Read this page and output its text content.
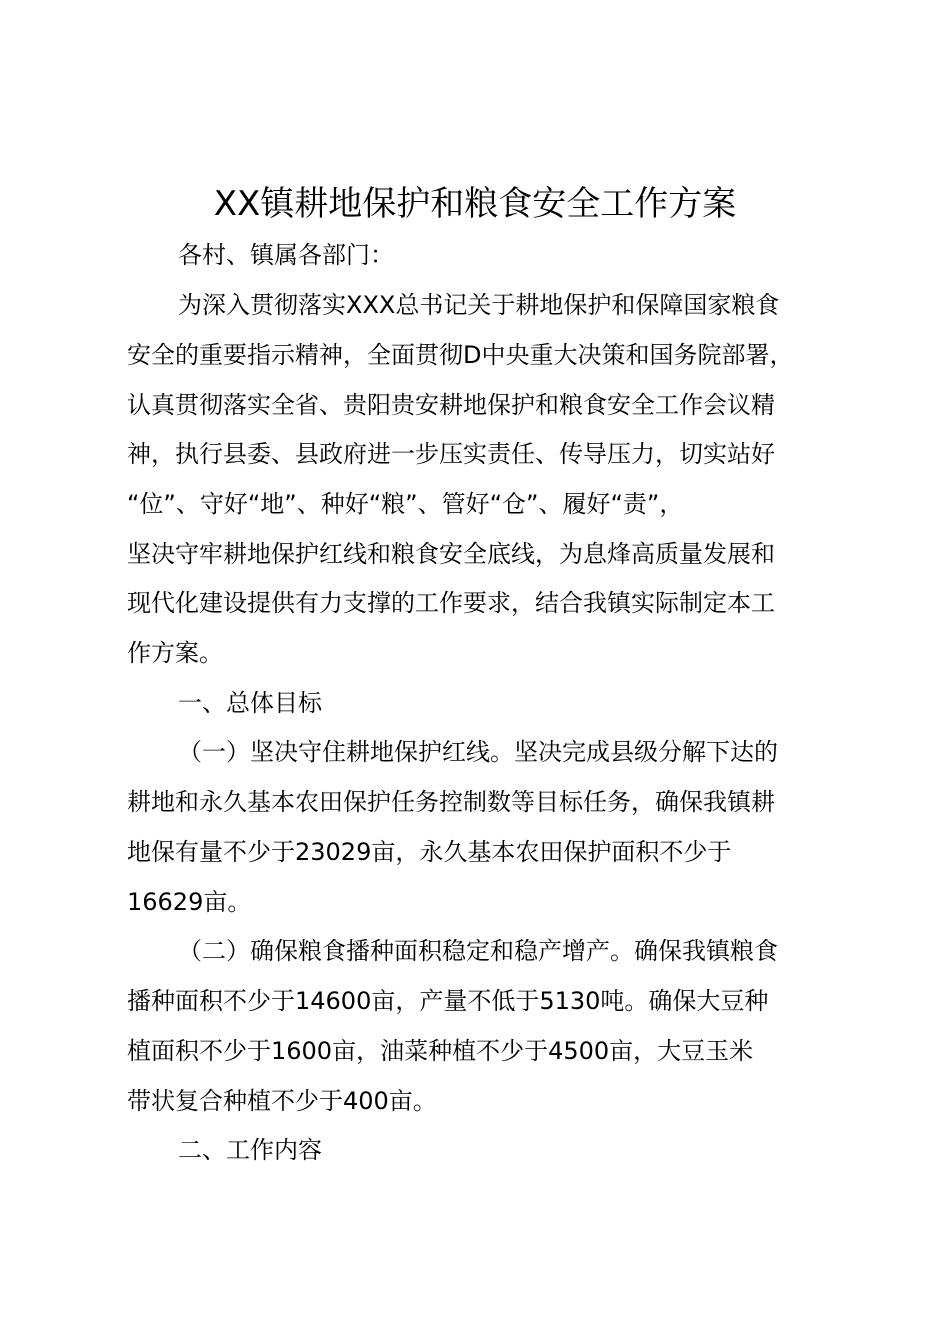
XX镇耕地保护和粮食安全工作方案

各村、镇属各部门：

为深入贯彻落实XXX总书记关于耕地保护和保障国家粮食

安全的重要指示精神，全面贯彻D中央重大决策和国务院部署，

认真贯彻落实全省、贵阳贵安耕地保护和粮食安全工作会议精

神，执行县委、县政府进一步压实责任、传导压力，切实站好

“位”、守好“地”、种好“粮”、管好“仓”、履好“责”，

坚决守牢耕地保护红线和粮食安全底线，为息烽高质量发展和

现代化建设提供有力支撑的工作要求，结合我镇实际制定本工

作方案。

一、总体目标

（一）坚决守住耕地保护红线。坚决完成县级分解下达的

耕地和永久基本农田保护任务控制数等目标任务，确保我镇耕

地保有量不少于23029亩，永久基本农田保护面积不少于

16629亩。

（二）确保粮食播种面积稳定和稳产增产。确保我镇粮食

播种面积不少于14600亩，产量不低于5130吨。确保大豆种

植面积不少于1600亩，油菜种植不少于4500亩，大豆玉米

带状复合种植不少于400亩。

二、工作内容
